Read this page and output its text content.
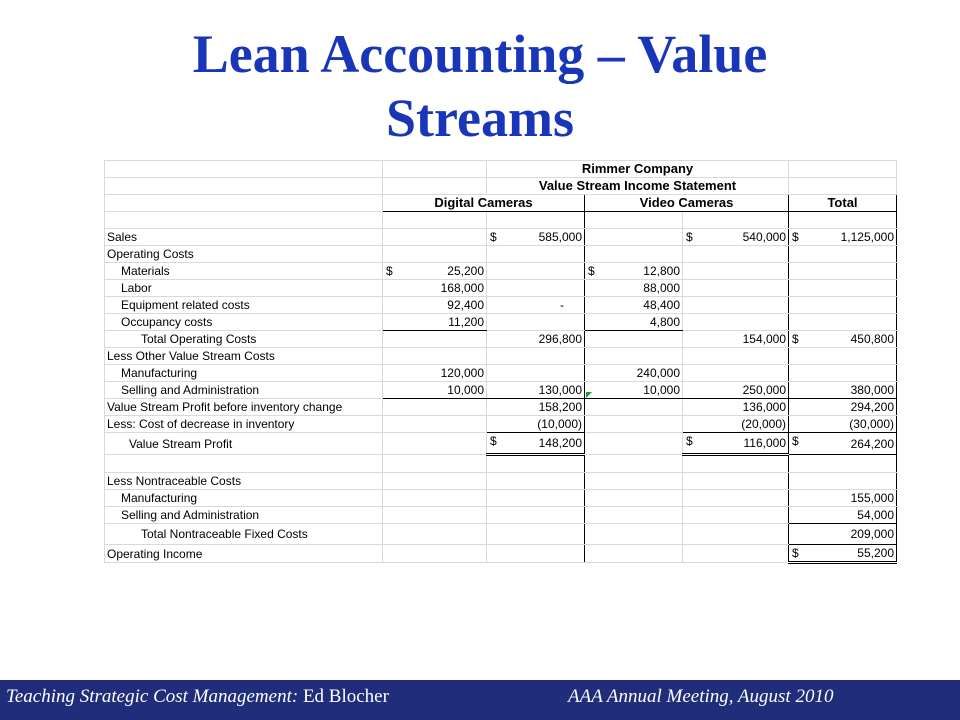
Lean Accounting – Value
Streams
		Rimmer Company			
		Value Stream Income Statement			
	Digital Cameras		Video Cameras		Total

Sales		$ 585,000		$ 540,000	$ 1,125,000
Operating Costs					
Materials	$ 25,200		$ 12,800		
Labor	168,000		88,000		
Equipment related costs	92,400	-	48,400		
Occupancy costs	11,200		4,800		
Total Operating Costs		296,800		154,000	$ 450,800
Less Other Value Stream Costs					
Manufacturing	120,000		240,000		
Selling and Administration	10,000	130,000	10,000	250,000	380,000
Value Stream Profit before inventory change		158,200		136,000	294,200
Less: Cost of decrease in inventory		(10,000)		(20,000)	(30,000)
Value Stream Profit		$ 148,200		$ 116,000	$ 264,200

Less Nontraceable Costs					
Manufacturing					155,000
Selling and Administration					54,000
Total Nontraceable Fixed Costs					209,000
Operating Income					$ 55,200
Teaching Strategic Cost Management: Ed Blocher	AAA Annual Meeting, August 2010
